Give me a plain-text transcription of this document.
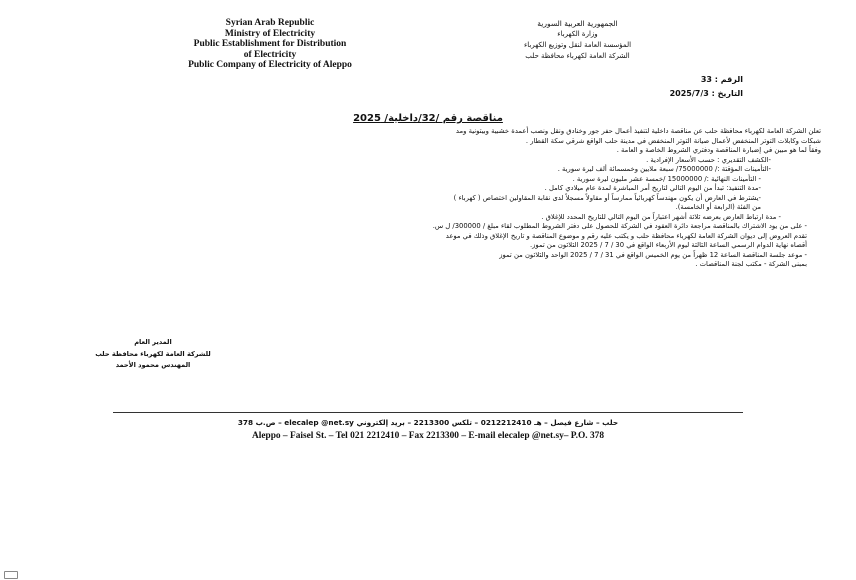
Syrian Arab Republic
Ministry of Electricity
Public Establishment for Distribution
of Electricity
Public Company of Electricity of Aleppo
الجمهورية العربية السورية
وزارة الكهرباء
المؤسسة العامة لنقل وتوزيع الكهرباء
الشركة العامة لكهرباء محافظة حلب
الرقم : 33
التاريخ : 2025/7/3
مناقصة رقم /32/داخلية/ 2025

تعلن الشركة العامة لكهرباء محافظة حلب عن مناقصة داخلية لتنفيذ أعمال حفر جور وخنادق ونقل ونصب أعمدة خشبية وبيتونية ومد

شبكات وكابلات التوتر المنخفض لأعمال صيانة التوتر المنخفض في مدينة حلب الواقع شرقي سكة القطار .

وفقاً لما هو مبين في إضبارة المناقصة ودفتري الشروط الخاصة و العامة .

-الكشف التقديري : حسب الأسعار الإفرادية .

-التأمينات المؤقتة :/ 75000000/ سبعة ملايين وخمسمائة ألف ليرة سورية .

- التأمينات النهائية :/ 15000000 /خمسة عشر مليون ليرة سورية .

-مدة التنفيذ: تبدأ من اليوم التالي لتاريخ أمر المباشرة لمدة عام ميلادي كامل .

-يشترط في العارض أن يكون مهندساً كهربائياً ممارساً أو مقاولاً مسجلاً لدى نقابة المقاولين اختصاص ( كهرباء )

من الفئة (الرابعة أو الخامسة).

- مدة ارتباط العارض بعرضه ثلاثة أشهر اعتباراً من اليوم التالي للتاريخ المحدد للإغلاق .

- على من يود الاشتراك بالمناقصة مراجعة دائرة العقود في الشركة للحصول على دفتر الشروط المطلوب لقاء مبلغ / 300000/ ل س.

تقدم العروض إلى ديوان الشركة العامة لكهرباء محافظة حلب و يكتب عليه رقم و موضوع المناقصة و تاريخ الإغلاق وذلك في موعد

أقصاه نهاية الدوام الرسمي الساعة الثالثة ليوم الأربعاء الواقع في 30 / 7 / 2025 الثلاثون من تموز.

- موعد جلسة المناقصة الساعة 12 ظهراً من يوم الخميس الواقع في 31 / 7 / 2025 الواحد والثلاثون من تموز

بمبنى الشركة - مكتب لجنة المناقصات .

المدير العام
للشركة العامة لكهرباء محافظة حلب
المهندس محمود الأحمد
حلب – شارع فيصل – هـ 0212212410 – تلكس 2213300 – بريد إلكتروني elecalep @net.sy – ص.ب 378
Aleppo – Faisel St. – Tel 021 2212410 – Fax 2213300 – E-mail elecalep @net.sy– P.O. 378
